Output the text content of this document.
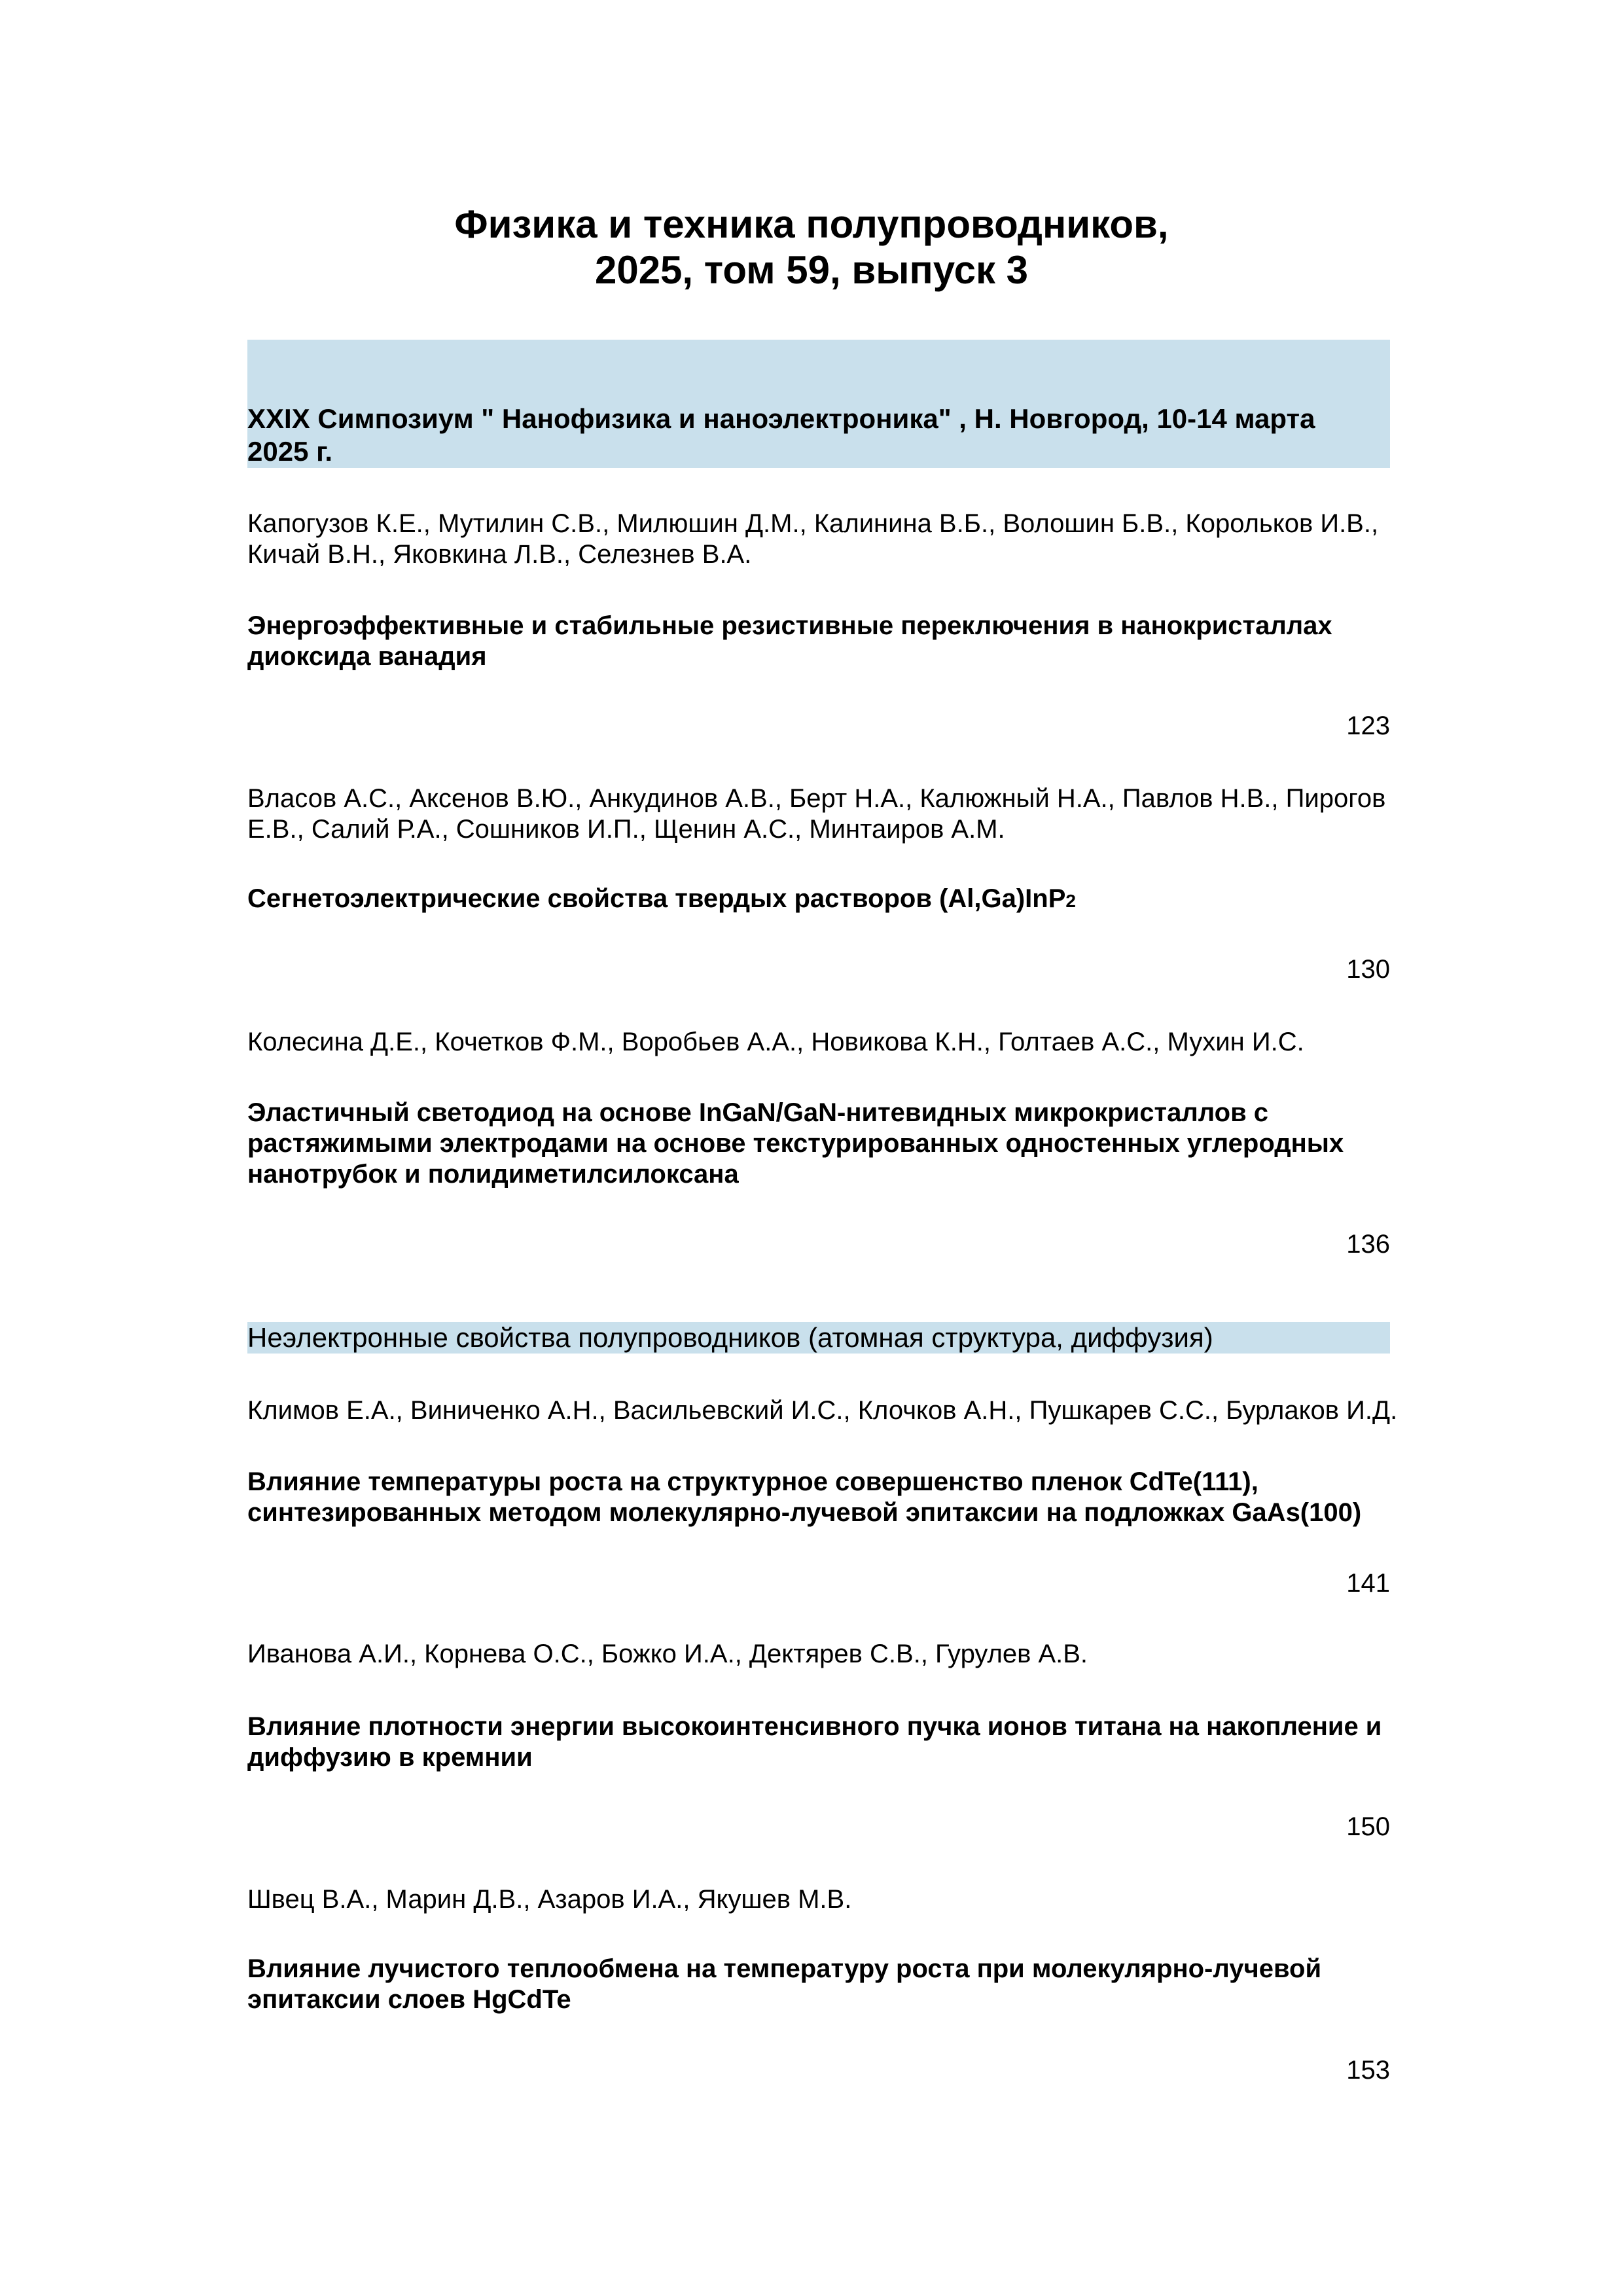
Физика и техника полупроводников,
2025, том 59, выпуск 3
XXIX Симпозиум " Нанофизика и наноэлектроника" , Н. Новгород, 10-14 марта
2025 г.
Капогузов К.Е., Мутилин С.В., Милюшин Д.М., Калинина В.Б., Волошин Б.В., Корольков И.В.,
Кичай В.Н., Яковкина Л.В., Селезнев В.А.
Энергоэффективные и стабильные резистивные переключения в нанокристаллах
диоксида ванадия
123
Власов А.С., Аксенов В.Ю., Анкудинов А.В., Берт Н.А., Калюжный Н.А., Павлов Н.В., Пирогов
Е.В., Салий Р.А., Сошников И.П., Щенин А.С., Минтаиров А.М.
Сегнетоэлектрические свойства твердых растворов (Al,Ga)InP2
130
Колесина Д.Е., Кочетков Ф.М., Воробьев А.А., Новикова К.Н., Голтаев А.С., Мухин И.С.
Эластичный светодиод на основе InGaN/GaN-нитевидных микрокристаллов с
растяжимыми электродами на основе текстурированных одностенных углеродных
нанотрубок и полидиметилсилоксана
136
Неэлектронные свойства полупроводников (атомная структура, диффузия)
Климов Е.А., Виниченко А.Н., Васильевский И.С., Клочков А.Н., Пушкарев С.С., Бурлаков И.Д.
Влияние температуры роста на структурное совершенство пленок CdTe(111),
синтезированных методом молекулярно-лучевой эпитаксии на подложках GaAs(100)
141
Иванова А.И., Корнева О.С., Божко И.А., Дектярев С.В., Гурулев А.В.
Влияние плотности энергии высокоинтенсивного пучка ионов титана на накопление и
диффузию в кремнии
150
Швец В.А., Марин Д.В., Азаров И.А., Якушев М.В.
Влияние лучистого теплообмена на температуру роста при молекулярно-лучевой
эпитаксии слоев HgCdTe
153
